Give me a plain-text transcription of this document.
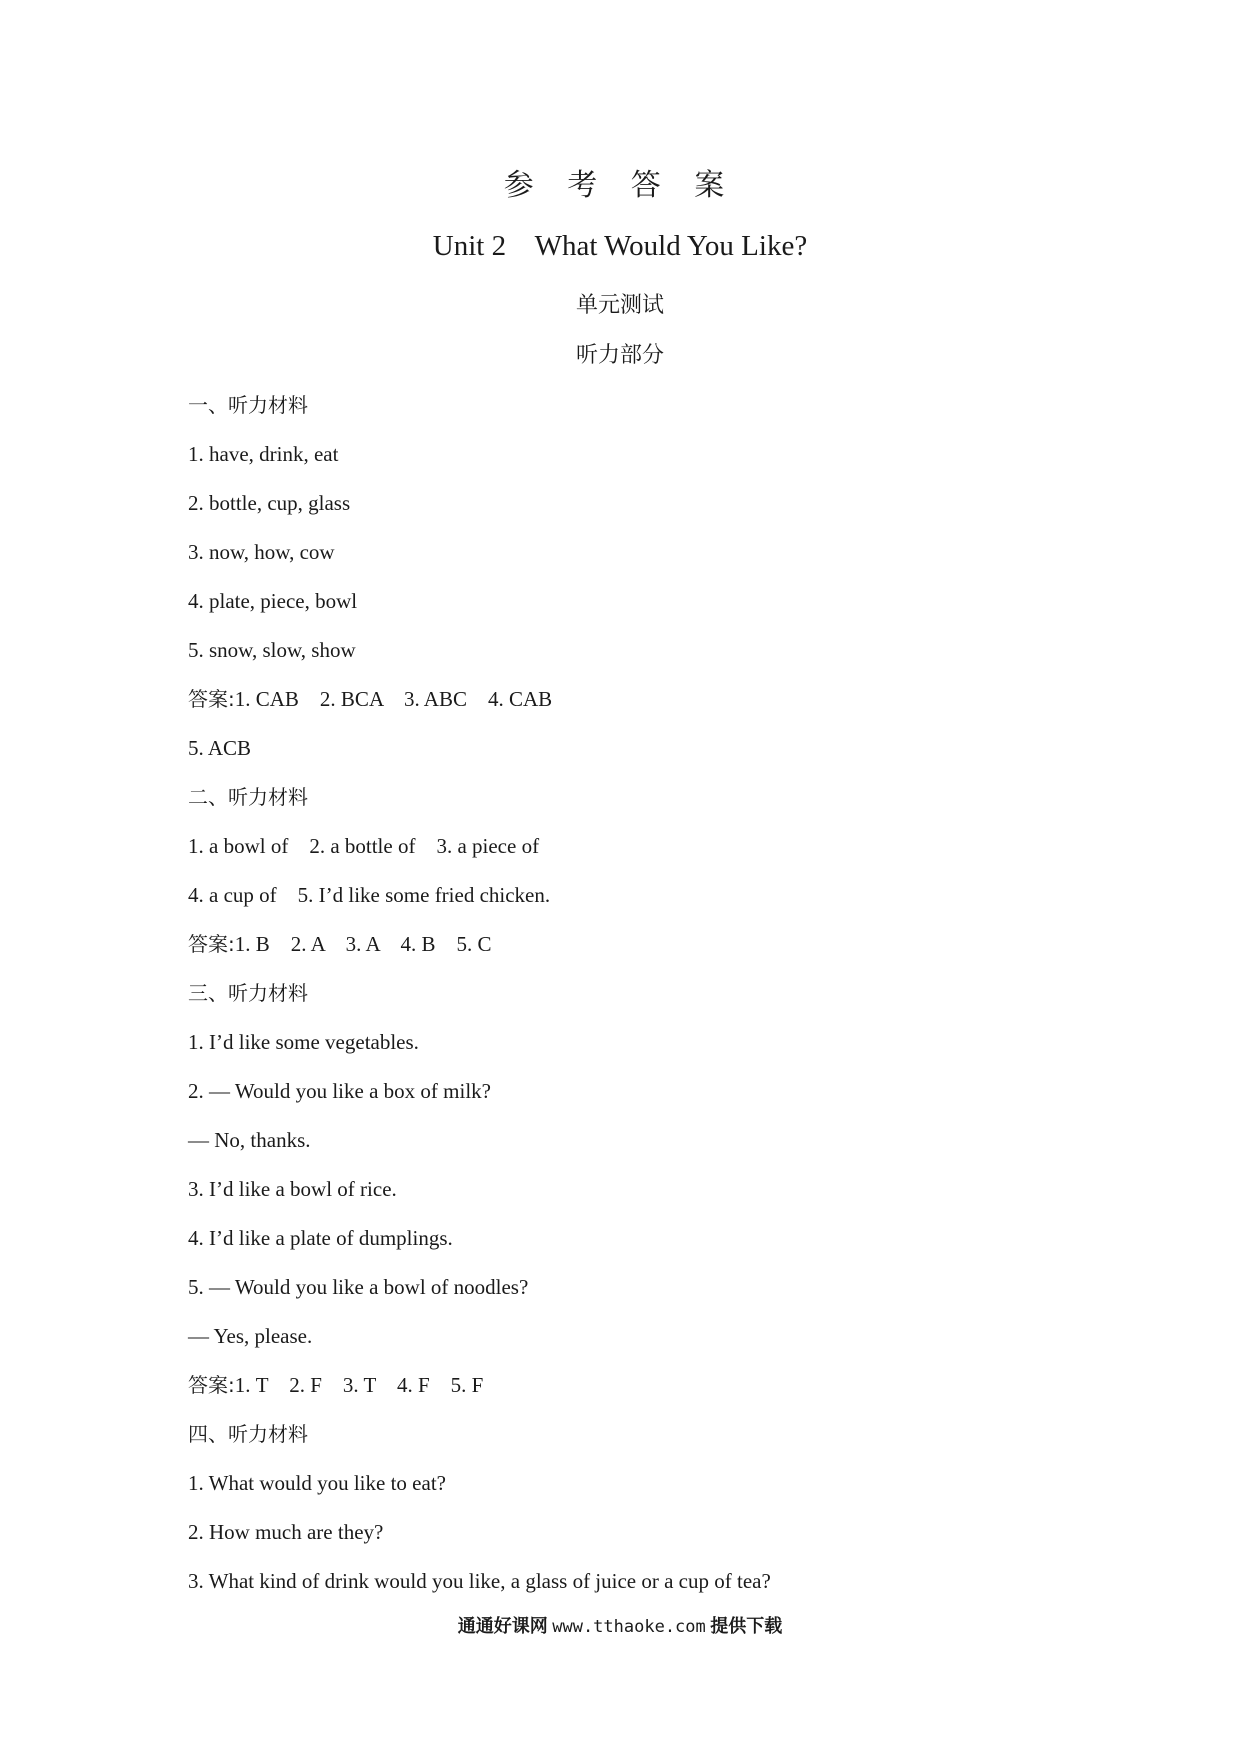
参 考 答 案
Unit 2    What Would You Like?
单元测试
听力部分
一、听力材料
1. have, drink, eat
2. bottle, cup, glass
3. now, how, cow
4. plate, piece, bowl
5. snow, slow, show
答案:1. CAB    2. BCA    3. ABC    4. CAB
5. ACB
二、听力材料
1. a bowl of    2. a bottle of    3. a piece of
4. a cup of    5. I’d like some fried chicken.
答案:1. B    2. A    3. A    4. B    5. C
三、听力材料
1. I’d like some vegetables.
2. — Would you like a box of milk?
— No, thanks.
3. I’d like a bowl of rice.
4. I’d like a plate of dumplings.
5. — Would you like a bowl of noodles?
— Yes, please.
答案:1. T    2. F    3. T    4. F    5. F
四、听力材料
1. What would you like to eat?
2. How much are they?
3. What kind of drink would you like, a glass of juice or a cup of tea?
通通好课网 www.tthaoke.com 提供下载
